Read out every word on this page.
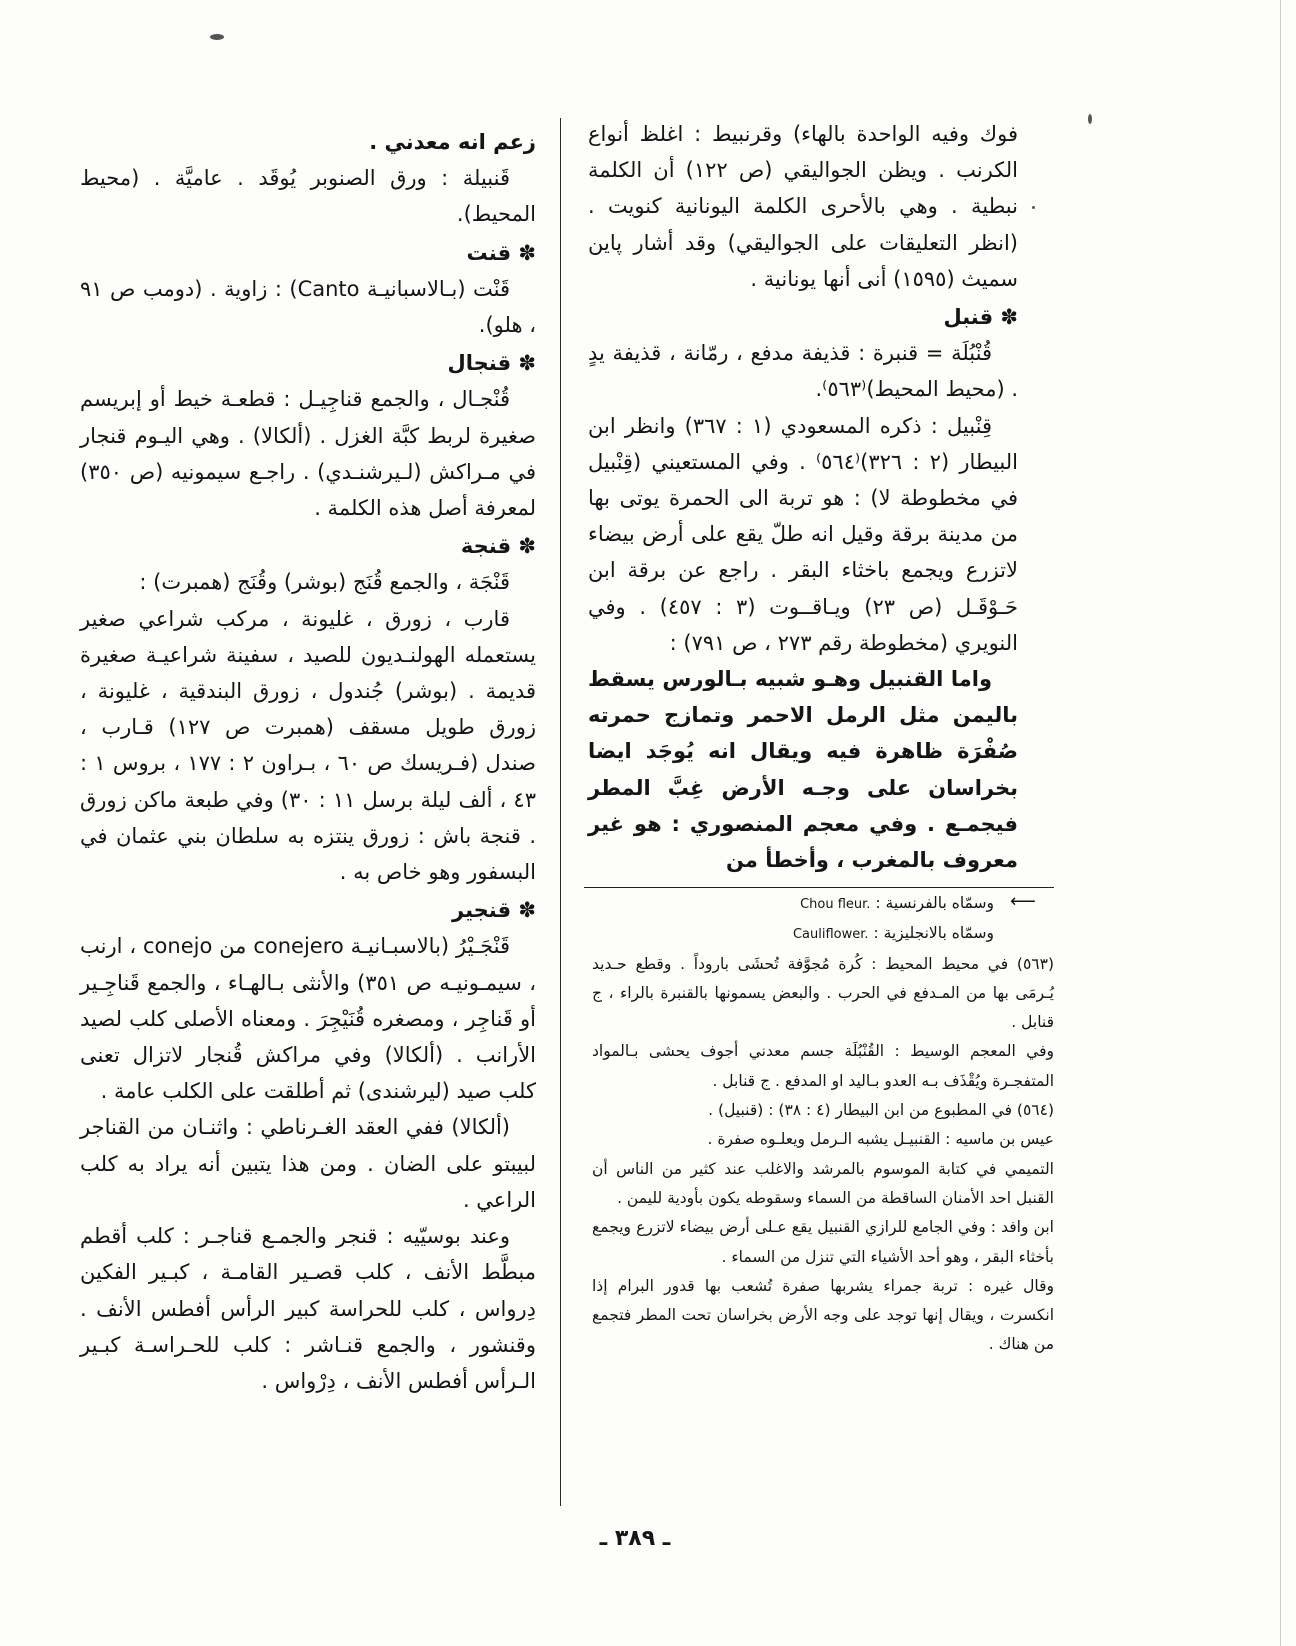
فوك وفيه الواحدة بالهاء) وقرنبيط : اغلظ أنواع الكرنب . ويظن الجواليقي (ص ١٢٢) أن الكلمة نبطية . وهي بالأحرى الكلمة اليونانية كنويت . (انظر التعليقات على الجواليقي) وقد أشار پاين سميث (١٥٩٥) أنى أنها يونانية .

✽ قنبل

قُنْبُلَة = قنبرة : قذيفة مدفع ، رمّانة ، قذيفة يدٍ . (محيط المحيط)⁽٥٦٣⁾.

قِنْبيل : ذكره المسعودي (١ : ٣٦٧) وانظر ابن البيطار (٢ : ٣٢٦)⁽٥٦٤⁾ . وفي المستعيني (قِنْبيل في مخطوطة لا) : هو تربة الى الحمرة يوتى بها من مدينة برقة وقيل انه طلّ يقع على أرض بيضاء لاتزرع ويجمع باخثاء البقر . راجع عن برقة ابن حَـوْقَـل (ص ٢٣) ويـاقــوت (٣ : ٤٥٧) . وفي النويري (مخطوطة رقم ٢٧٣ ، ص ٧٩١) :

واما القنبيل وهـو شبيه بـالورس يسقط باليمن مثل الرمل الاحمر وتمازج حمرته صُفْرَة ظاهرة فيه ويقال انه يُوجَد ايضا بخراسان على وجـه الأرض غِبَّ المطر فيجمـع . وفي معجم المنصوري : هو غير معروف بالمغرب ، وأخطأ من

زعم انه معدني .

قَنبيلة : ورق الصنوبر يُوقَد . عاميَّة . (محيط المحيط).

✽ قنت

قَنْت (بـالاسبانيـة Canto) : زاوية . (دومب ص ٩١ ، هلو).

✽ قنجال

قُنْجـال ، والجمع قناجِيـل : قطعـة خيط أو إبريسم صغيرة لربط كبَّة الغزل . (ألكالا) . وهي اليـوم قنجار في مـراكش (لـيرشنـدي) . راجـع سيمونيه (ص ٣٥٠) لمعرفة أصل هذه الكلمة .

✽ قنجة

قَنْجَة ، والجمع قُنَج (بوشر) وقُنَج (همبرت) :

قارب ، زورق ، غليونة ، مركب شراعي صغير يستعمله الهولنـديون للصيد ، سفينة شراعيـة صغيرة قديمة . (بوشر) جُندول ، زورق البندقية ، غليونة ، زورق طويل مسقف (همبرت ص ١٢٧) قـارب ، صندل (فـريسك ص ٦٠ ، بـراون ٢ : ١٧٧ ، بروس ١ : ٤٣ ، ألف ليلة برسل ١١ : ٣٠) وفي طبعة ماكن زورق . قنجة باش : زورق ينتزه به سلطان بني عثمان في البسفور وهو خاص به .

✽ قنجير

قَنْجَـيْرُ (بالاسبـانيـة conejero من conejo ، ارنب ، سيمـونيـه ص ٣٥١) والأنثى بـالهـاء ، والجمع قَناجِـير أو قَناجِر ، ومصغره قُنَيْجِرَ . ومعناه الأصلى كلب لصيد الأرانب . (ألكالا) وفي مراكش قُنجار لاتزال تعنى كلب صيد (ليرشندى) ثم أطلقت على الكلب عامة .

(ألكالا) ففي العقد الغـرناطي : واثنـان من القناجر لبيبتو على الضان . ومن هذا يتبين أنه يراد به كلب الراعي .

وعند بوسيّيه : قنجر والجمـع قناجـر : كلب أقطم مبطَّط الأنف ، كلب قصـير القامـة ، كبـير الفكين دِرواس ، كلب للحراسة كبير الرأس أفطس الأنف . وقنشور ، والجمع قنـاشر : كلب للحـراسـة كبـير الـرأس أفطس الأنف ، دِرْواس .

⟵

وسمّاه بالفرنسية : Chou fleur.

وسمّاه بالانجليزية : Cauliflower.

(٥٦٣) في محيط المحيط : كُرة مُجوَّفة تُحشَى باروداً . وقطع حـديد يُـرمَى بها من المـدفع في الحرب . والبعض يسمونها بالقنبرة بالراء ، ج قنابل .

وفي المعجم الوسيط : القُنْبُلَة جسم معدني أجوف يحشى بـالمواد المتفجـرة ويُقْذَف بـه العدو بـاليد او المدفع . ج قنابل .

(٥٦٤) في المطبوع من ابن البيطار (٤ : ٣٨) : (قنبيل) .

عيس بن ماسيه : القنبيـل يشبه الـرمل ويعلـوه صفرة .

التميمي في كتابة الموسوم بالمرشد والاغلب عند كثير من الناس أن القنبل احد الأمنان الساقطة من السماء وسقوطه يكون بأودية لليمن .

ابن وافد : وفي الجامع للرازي القنبيل يقع عـلى أرض بيضاء لاتزرع ويجمع بأخثاء البقر ، وهو أحد الأشياء التي تنزل من السماء .

وقال غيره : تربة جمراء يشربها صفرة تُشعب بها قدور البرام إذا انكسرت ، ويقال إنها توجد على وجه الأرض بخراسان تحت المطر فتجمع من هناك .

ـ ٣٨٩ ـ
